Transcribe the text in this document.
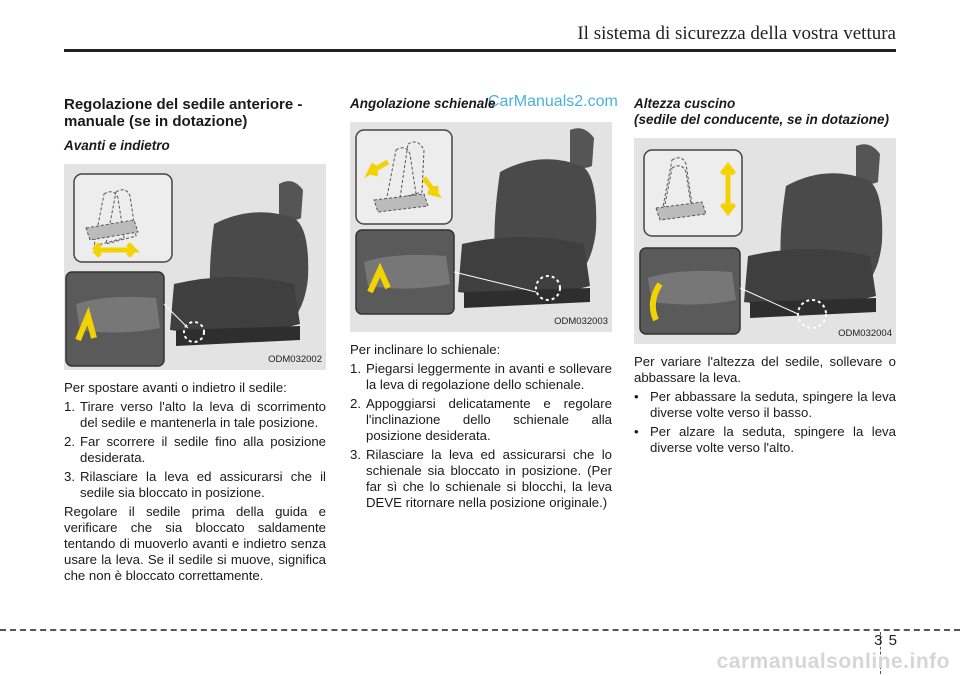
Il sistema di sicurezza della vostra vettura
CarManuals2.com
Regolazione del sedile anteriore - manuale (se in dotazione)
Avanti e indietro
ODM032002

Per spostare avanti o indietro il sedile:

1. Tirare verso l'alto la leva di scorrimento del sedile e mantenerla in tale posizione.
2. Far scorrere il sedile fino alla posizione desiderata.
3. Rilasciare la leva ed assicurarsi che il sedile sia bloccato in posizione.

Regolare il sedile prima della guida e verificare che sia bloccato saldamente tentando di muoverlo avanti e indietro senza usare la leva. Se il sedile si muove, significa che non è bloccato correttamente.

Angolazione schienale
ODM032003

Per inclinare lo schienale:

1. Piegarsi leggermente in avanti e sollevare la leva di regolazione dello schienale.
2. Appoggiarsi delicatamente e regolare l'inclinazione dello schienale alla posizione desiderata.
3. Rilasciare la leva ed assicurarsi che lo schienale sia bloccato in posizione. (Per far sì che lo schienale si blocchi, la leva DEVE ritornare nella posizione originale.)
Altezza cuscino
(sedile del conducente, se in dotazione)
ODM032004

Per variare l'altezza del sedile, sollevare o abbassare la leva.

• Per abbassare la seduta, spingere la leva diverse volte verso il basso.
• Per alzare la seduta, spingere la leva diverse volte verso l'alto.
3 5
carmanualsonline.info
